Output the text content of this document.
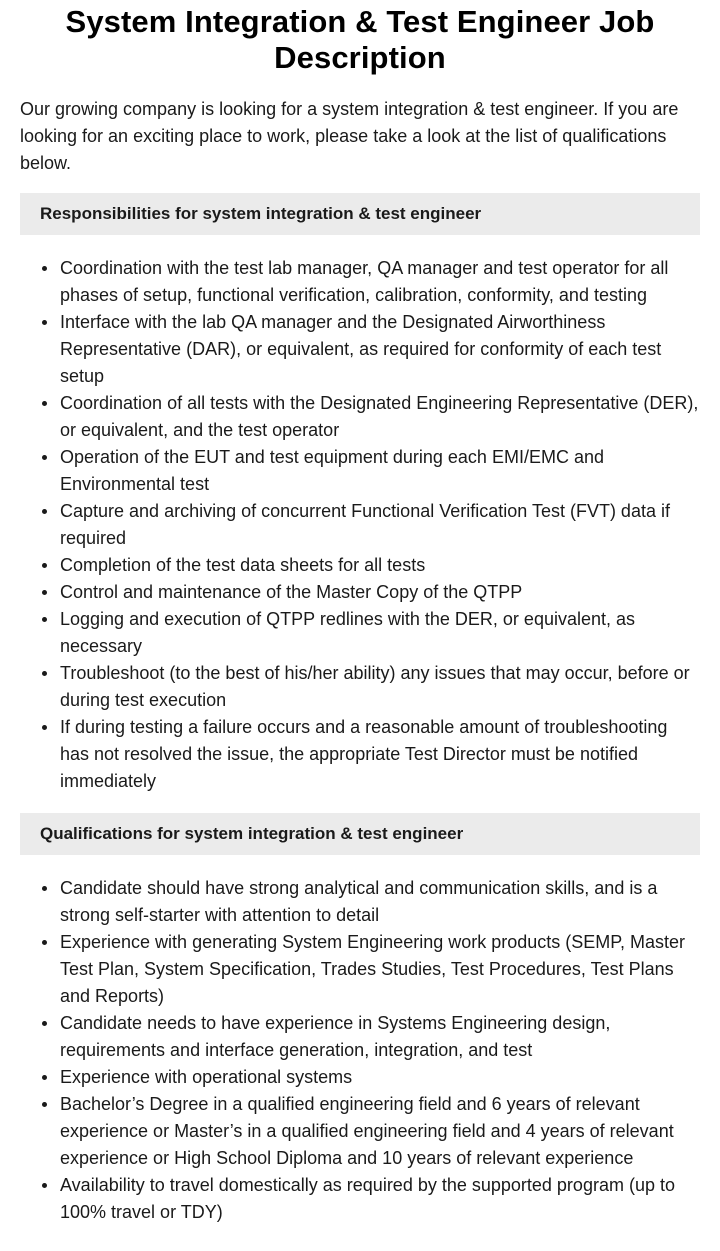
System Integration & Test Engineer Job Description

Our growing company is looking for a system integration & test engineer. If you are looking for an exciting place to work, please take a look at the list of qualifications below.

Responsibilities for system integration & test engineer
Coordination with the test lab manager, QA manager and test operator for all phases of setup, functional verification, calibration, conformity, and testing
Interface with the lab QA manager and the Designated Airworthiness Representative (DAR), or equivalent, as required for conformity of each test setup
Coordination of all tests with the Designated Engineering Representative (DER), or equivalent, and the test operator
Operation of the EUT and test equipment during each EMI/EMC and Environmental test
Capture and archiving of concurrent Functional Verification Test (FVT) data if required
Completion of the test data sheets for all tests
Control and maintenance of the Master Copy of the QTPP
Logging and execution of QTPP redlines with the DER, or equivalent, as necessary
Troubleshoot (to the best of his/her ability) any issues that may occur, before or during test execution
If during testing a failure occurs and a reasonable amount of troubleshooting has not resolved the issue, the appropriate Test Director must be notified immediately
Qualifications for system integration & test engineer
Candidate should have strong analytical and communication skills, and is a strong self-starter with attention to detail
Experience with generating System Engineering work products (SEMP, Master Test Plan, System Specification, Trades Studies, Test Procedures, Test Plans and Reports)
Candidate needs to have experience in Systems Engineering design, requirements and interface generation, integration, and test
Experience with operational systems
Bachelor’s Degree in a qualified engineering field and 6 years of relevant experience or Master’s in a qualified engineering field and 4 years of relevant experience or High School Diploma and 10 years of relevant experience
Availability to travel domestically as required by the supported program (up to 100% travel or TDY)
